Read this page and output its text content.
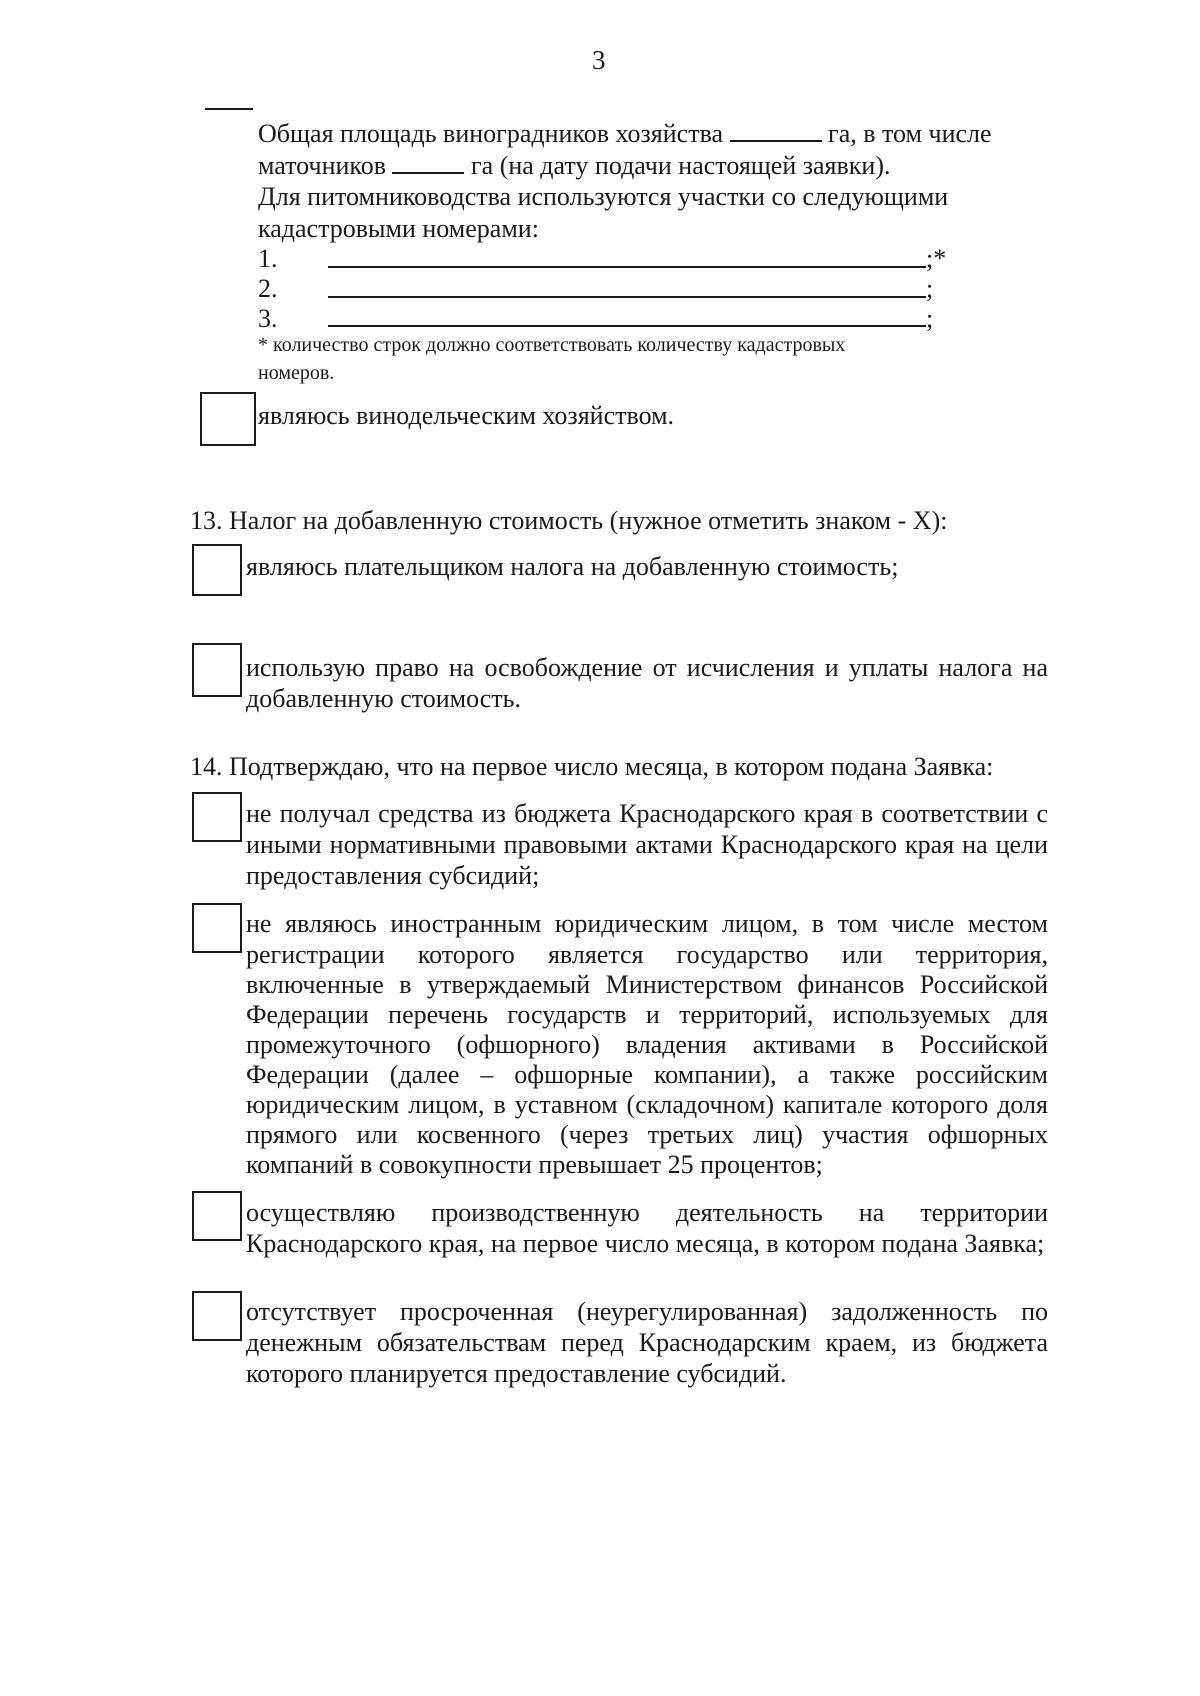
3
Общая площадь виноградников хозяйства	га, в том числе
маточников	га (на дату подачи настоящей заявки).
Для питомниководства используются участки со следующими
кадастровыми номерами:
1.	;*
2.	;
3.	;
* количество строк должно соответствовать количеству кадастровых
номеров.
являюсь винодельческим хозяйством.
13. Налог на добавленную стоимость (нужное отметить знаком - Х):
являюсь плательщиком налога на добавленную стоимость;
использую право на освобождение от исчисления и уплаты налога на
добавленную стоимость.
14. Подтверждаю, что на первое число месяца, в котором подана Заявка:
не получал средства из бюджета Краснодарского края в соответствии с
иными нормативными правовыми актами Краснодарского края на цели
предоставления субсидий;
не являюсь иностранным юридическим лицом, в том числе местом
регистрации которого является государство или территория,
включенные в утверждаемый Министерством финансов Российской
Федерации перечень государств и территорий, используемых для
промежуточного (офшорного) владения активами в Российской
Федерации (далее – офшорные компании), а также российским
юридическим лицом, в уставном (складочном) капитале которого доля
прямого или косвенного (через третьих лиц) участия офшорных
компаний в совокупности превышает 25 процентов;
осуществляю производственную деятельность на территории
Краснодарского края, на первое число месяца, в котором подана Заявка;
отсутствует просроченная (неурегулированная) задолженность по
денежным обязательствам перед Краснодарским краем, из бюджета
которого планируется предоставление субсидий.
